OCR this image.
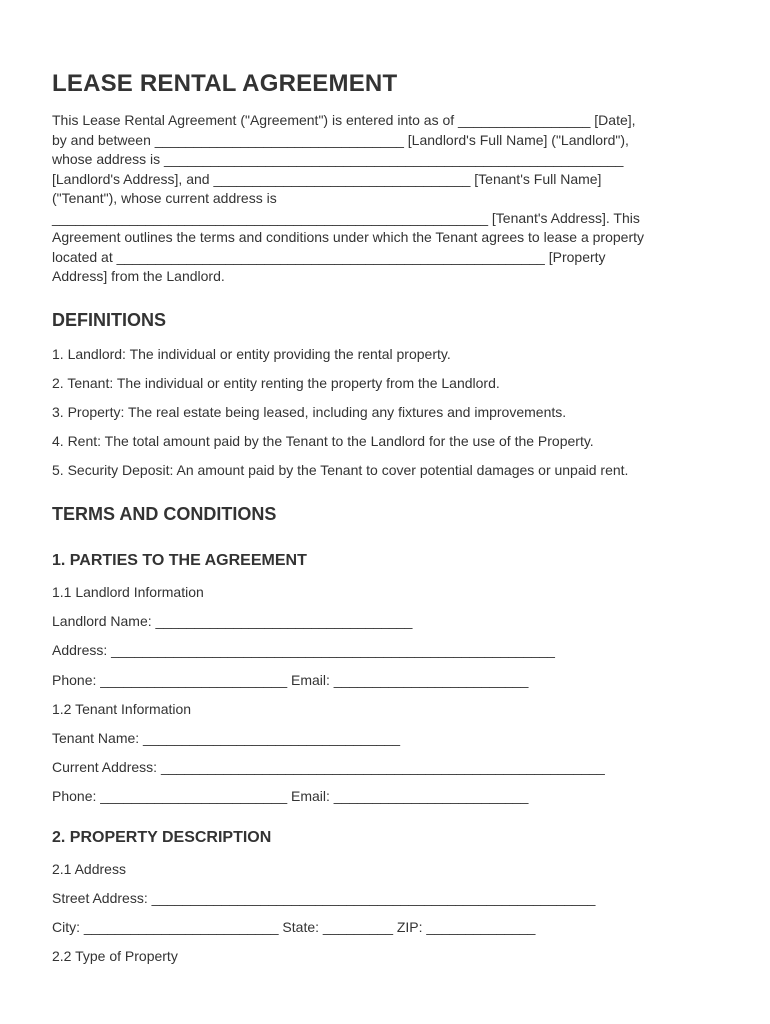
LEASE RENTAL AGREEMENT

This Lease Rental Agreement ("Agreement") is entered into as of _________________ [Date],
by and between ________________________________ [Landlord's Full Name] ("Landlord"),
whose address is ___________________________________________________________
[Landlord's Address], and _________________________________ [Tenant's Full Name]
("Tenant"), whose current address is
________________________________________________________ [Tenant's Address]. This
Agreement outlines the terms and conditions under which the Tenant agrees to lease a property
located at _______________________________________________________ [Property
Address] from the Landlord.

DEFINITIONS
1. Landlord: The individual or entity providing the rental property.
2. Tenant: The individual or entity renting the property from the Landlord.
3. Property: The real estate being leased, including any fixtures and improvements.
4. Rent: The total amount paid by the Tenant to the Landlord for the use of the Property.
5. Security Deposit: An amount paid by the Tenant to cover potential damages or unpaid rent.
TERMS AND CONDITIONS
1. PARTIES TO THE AGREEMENT
1.1 Landlord Information
Landlord Name: _________________________________
Address: _________________________________________________________
Phone: ________________________ Email: _________________________
1.2 Tenant Information
Tenant Name: _________________________________
Current Address: _________________________________________________________
Phone: ________________________ Email: _________________________
2. PROPERTY DESCRIPTION
2.1 Address
Street Address: _________________________________________________________
City: _________________________ State: _________ ZIP: ______________
2.2 Type of Property
